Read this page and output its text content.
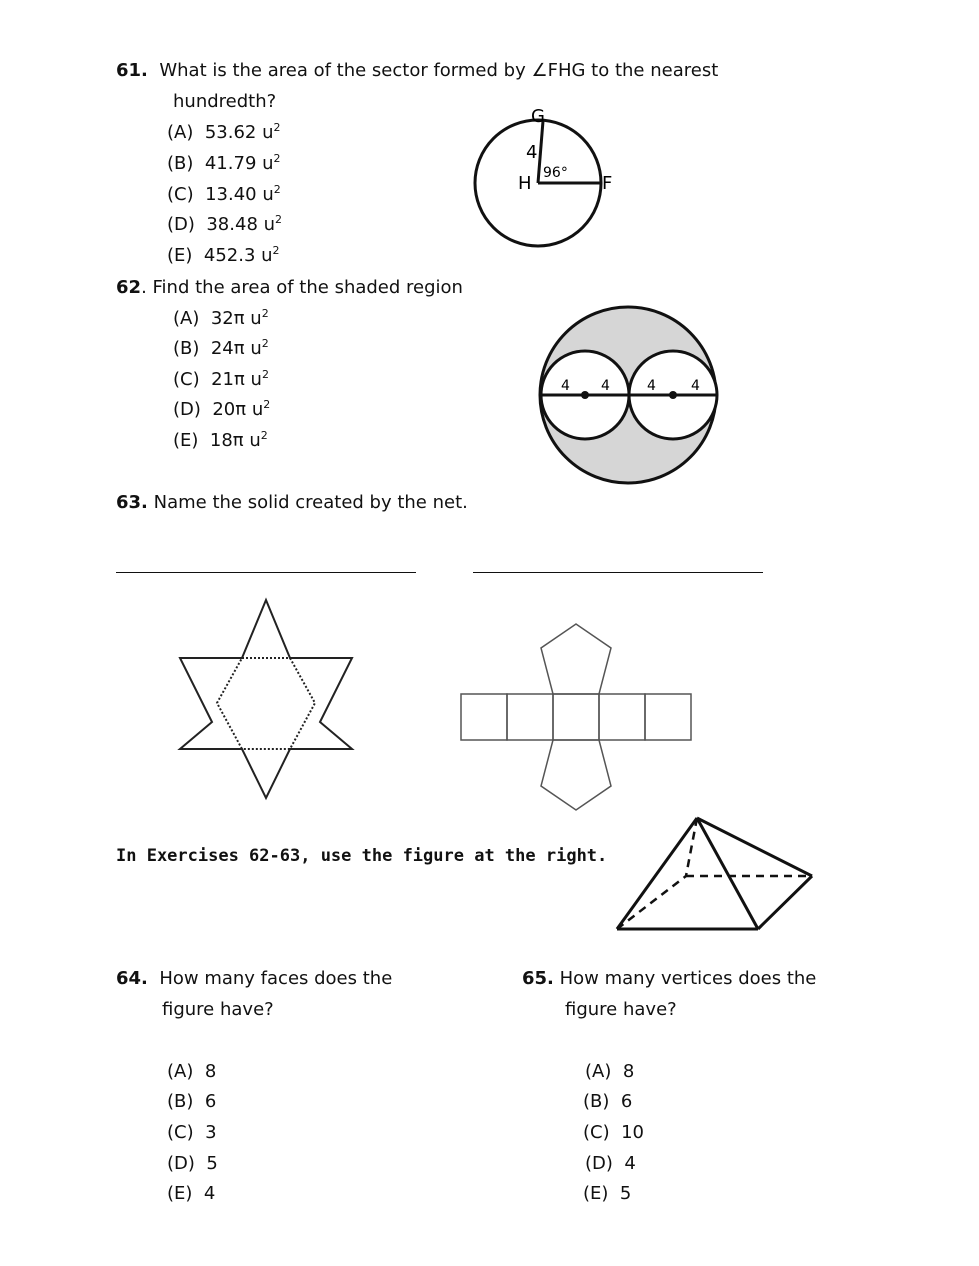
61. What is the area of the sector formed by ∠FHG to the nearest
hundredth?
(A) 53.62 $u^2$
(B) 41.79 $u^2$
(C) 13.40 $u^2$
(D) 38.48 $u^2$
(E) 452.3 $u^2$
G
H	F
4
96°
62. Find the area of the shaded region
(A) 32π $u^2$
(B) 24π $u^2$
(C) 21π $u^2$
(D) 20π $u^2$
(E) 18π $u^2$
4 4	4	4
63. Name the solid created by the net.
In Exercises 62-63, use the figure at the right.
64. How many faces does the
figure have?
(A) 8
(B) 6
(C) 3
(D) 5
(E) 4
65. How many vertices does the
figure have?
(A) 8
(B) 6
(C) 10
(D) 4
(E) 5
